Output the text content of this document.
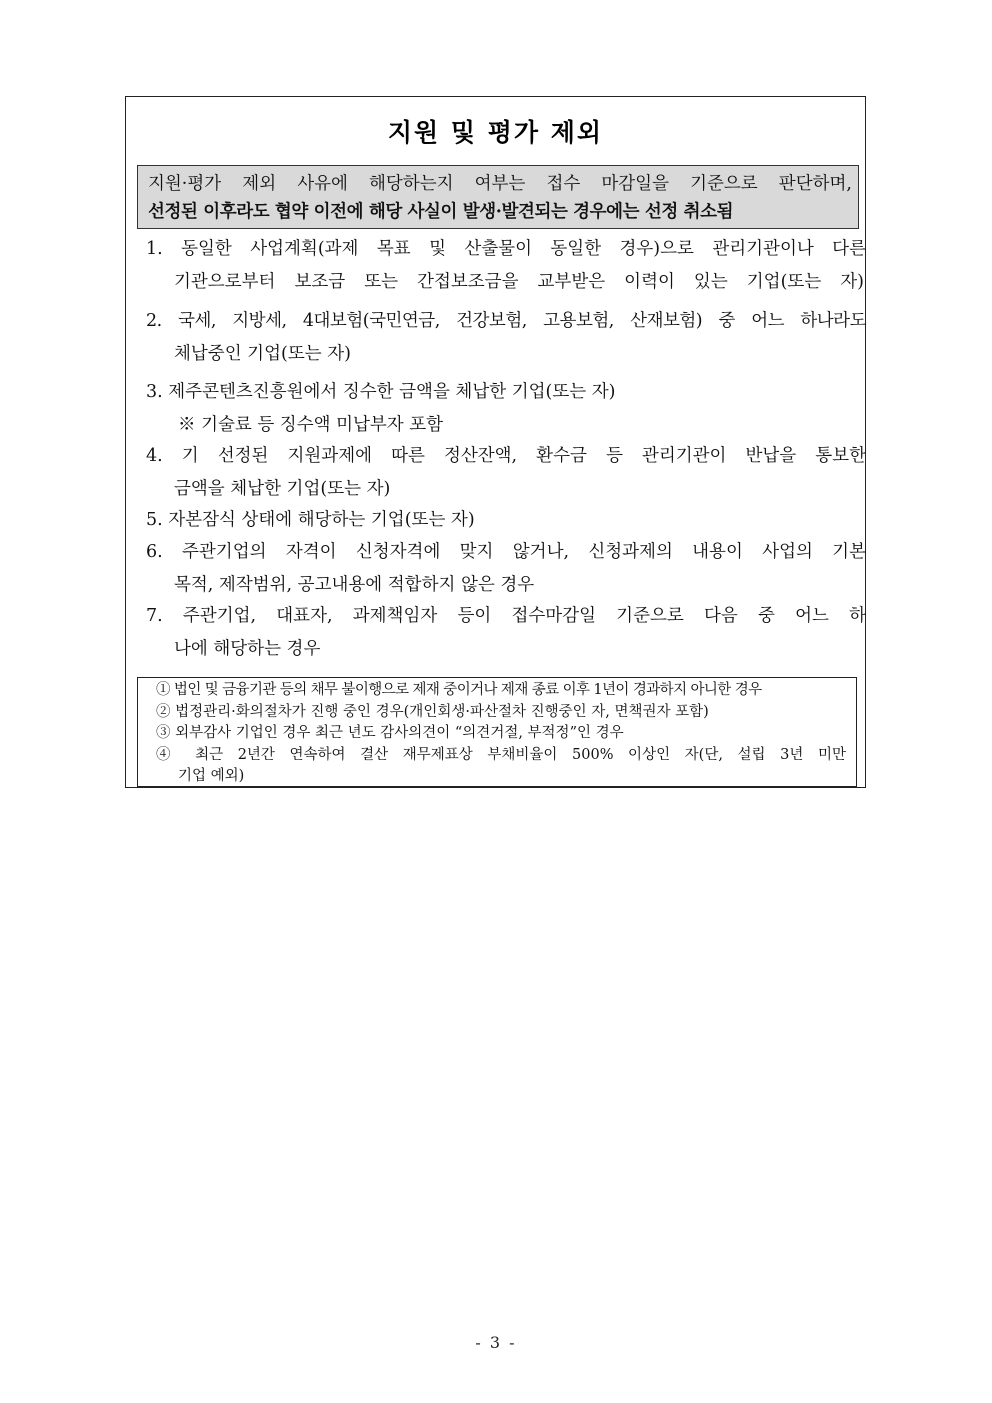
지원 및 평가 제외
지원·평가 제외 사유에 해당하는지 여부는 접수 마감일을 기준으로 판단하며,
선정된 이후라도 협약 이전에 해당 사실이 발생·발견되는 경우에는 선정 취소됨
1. 동일한 사업계획(과제 목표 및 산출물이 동일한 경우)으로 관리기관이나 다른
기관으로부터 보조금 또는 간접보조금을 교부받은 이력이 있는 기업(또는 자)
2. 국세, 지방세, 4대보험(국민연금, 건강보험, 고용보험, 산재보험) 중 어느 하나라도
체납중인 기업(또는 자)
3. 제주콘텐츠진흥원에서 징수한 금액을 체납한 기업(또는 자)
※ 기술료 등 징수액 미납부자 포함
4. 기 선정된 지원과제에 따른 정산잔액, 환수금 등 관리기관이 반납을 통보한
금액을 체납한 기업(또는 자)
5. 자본잠식 상태에 해당하는 기업(또는 자)
6. 주관기업의 자격이 신청자격에 맞지 않거나, 신청과제의 내용이 사업의 기본
목적, 제작범위, 공고내용에 적합하지 않은 경우
7. 주관기업, 대표자, 과제책임자 등이 접수마감일 기준으로 다음 중 어느 하
나에 해당하는 경우
① 법인 및 금융기관 등의 채무 불이행으로 제재 중이거나 제재 종료 이후 1년이 경과하지 아니한 경우
② 법정관리·화의절차가 진행 중인 경우(개인회생·파산절차 진행중인 자, 면책권자 포함)
③ 외부감사 기업인 경우 최근 년도 감사의견이 “의견거절, 부적정”인 경우
④ 최근 2년간 연속하여 결산 재무제표상 부채비율이 500% 이상인 자(단, 설립 3년 미만
기업 예외)
- 3 -
